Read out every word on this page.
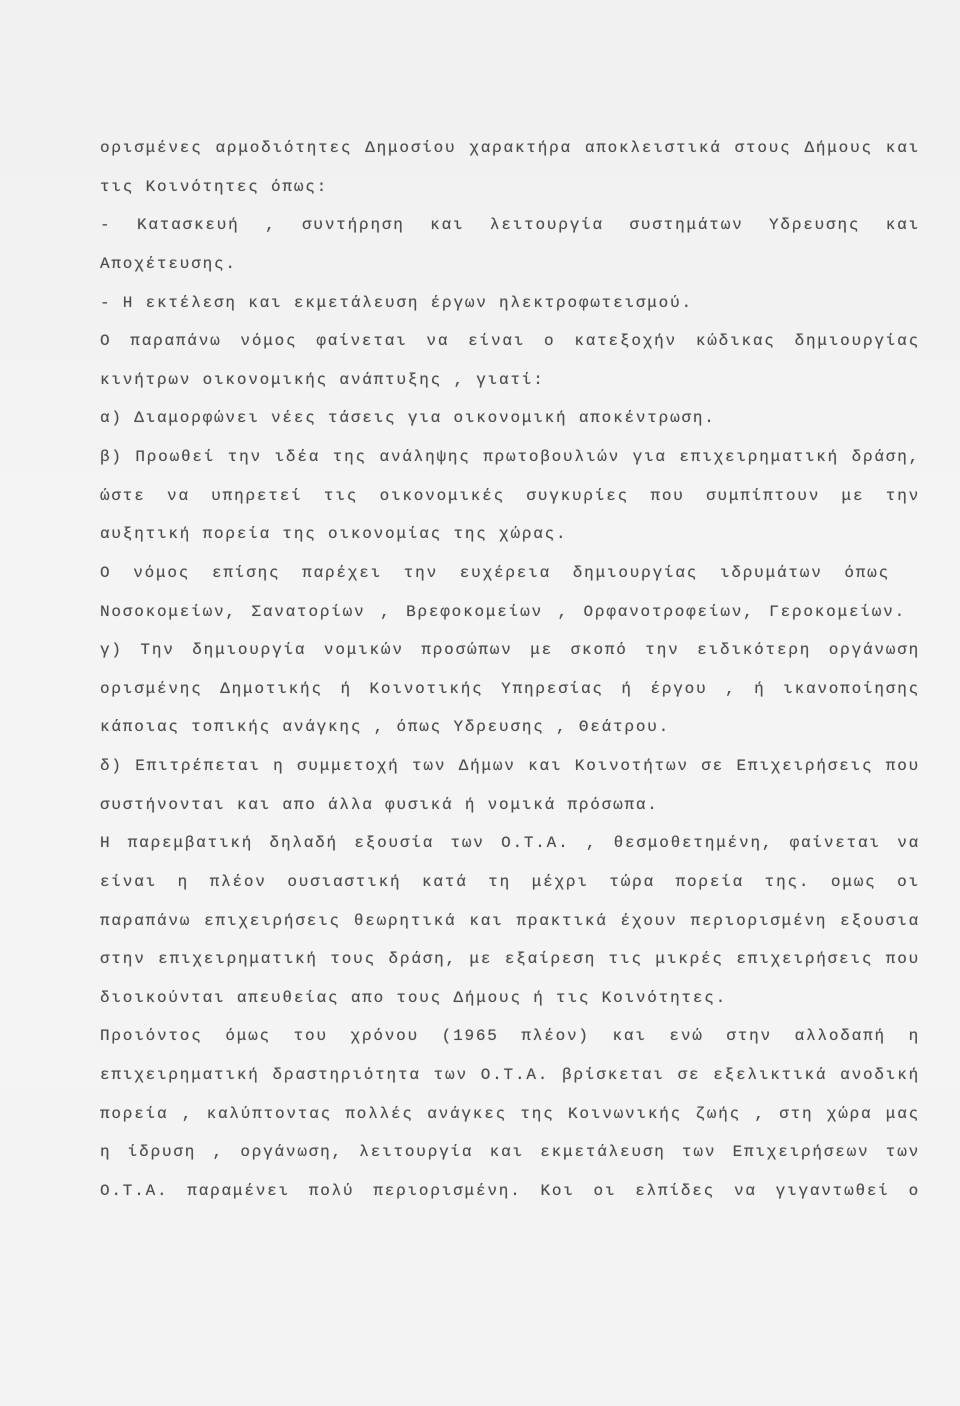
ορισμένες αρμοδιότητες Δημοσίου χαρακτήρα αποκλειστικά στους Δήμους και
τις Κοινότητες όπως:
- Κατασκευή , συντήρηση και λειτουργία συστημάτων Υδρευσης και
Αποχέτευσης.
- Η εκτέλεση και εκμετάλευση έργων ηλεκτροφωτεισμού.
Ο παραπάνω νόμος φαίνεται να είναι ο κατεξοχήν κώδικας δημιουργίας
κινήτρων οικονομικής ανάπτυξης , γιατί:
α) Διαμορφώνει νέες τάσεις για οικονομική αποκέντρωση.
β) Προωθεί την ιδέα της ανάληψης πρωτοβουλιών για επιχειρηματική δράση,
ώστε να υπηρετεί τις οικονομικές συγκυρίες που συμπίπτουν με την
αυξητική πορεία της οικονομίας της χώρας.
Ο νόμος επίσης παρέχει την ευχέρεια δημιουργίας ιδρυμάτων όπως
Νοσοκομείων, Σανατορίων , Βρεφοκομείων , Ορφανοτροφείων, Γεροκομείων.
γ) Την δημιουργία νομικών προσώπων με σκοπό την ειδικότερη οργάνωση
ορισμένης Δημοτικής ή Κοινοτικής Υπηρεσίας ή έργου , ή ικανοποίησης
κάποιας τοπικής ανάγκης , όπως Υδρευσης , Θεάτρου.
δ) Επιτρέπεται η συμμετοχή των Δήμων και Κοινοτήτων σε Επιχειρήσεις που
συστήνονται και απο άλλα φυσικά ή νομικά πρόσωπα.
Η παρεμβατική δηλαδή εξουσία των Ο.Τ.Α. , θεσμοθετημένη, φαίνεται να
είναι η πλέον ουσιαστική κατά τη μέχρι τώρα πορεία της. ομως οι
παραπάνω επιχειρήσεις θεωρητικά και πρακτικά έχουν περιορισμένη εξουσια
στην επιχειρηματική τους δράση, με εξαίρεση τις μικρές επιχειρήσεις που
διοικούνται απευθείας απο τους Δήμους ή τις Κοινότητες.
Προιόντος όμως του χρόνου (1965 πλέον) και ενώ στην αλλοδαπή η
επιχειρηματική δραστηριότητα των Ο.Τ.Α. βρίσκεται σε εξελικτικά ανοδική
πορεία , καλύπτοντας πολλές ανάγκες της Κοινωνικής ζωής , στη χώρα μας
η ίδρυση , οργάνωση, λειτουργία και εκμετάλευση των Επιχειρήσεων των
Ο.Τ.Α. παραμένει πολύ περιορισμένη. Κοι οι ελπίδες να γιγαντωθεί ο
